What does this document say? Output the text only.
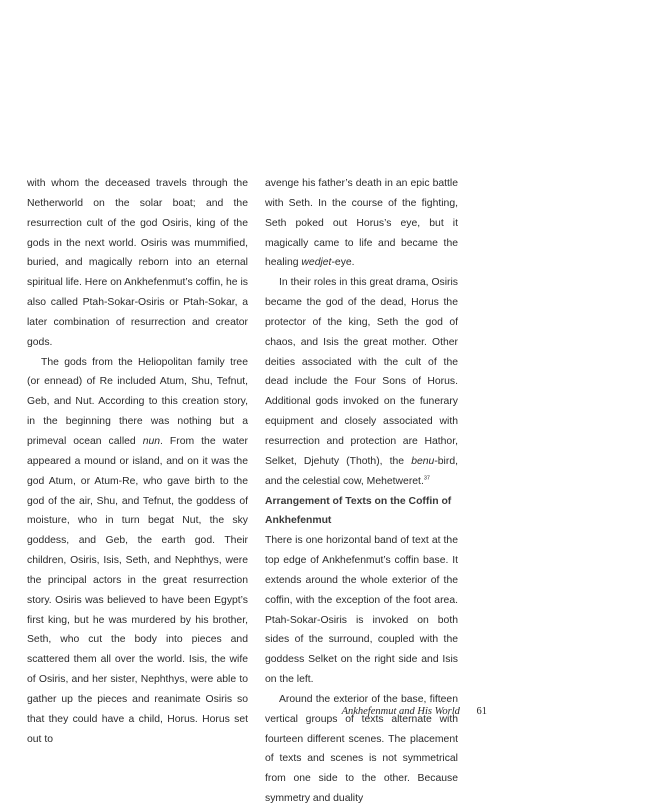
with whom the deceased travels through the Netherworld on the solar boat; and the resurrection cult of the god Osiris, king of the gods in the next world. Osiris was mummified, buried, and magically reborn into an eternal spiritual life. Here on Ankhefenmut’s coffin, he is also called Ptah-Sokar-Osiris or Ptah-Sokar, a later combination of resurrection and creator gods.

The gods from the Heliopolitan family tree (or ennead) of Re included Atum, Shu, Tefnut, Geb, and Nut. According to this creation story, in the beginning there was nothing but a primeval ocean called nun. From the water appeared a mound or island, and on it was the god Atum, or Atum-Re, who gave birth to the god of the air, Shu, and Tefnut, the goddess of moisture, who in turn begat Nut, the sky goddess, and Geb, the earth god. Their children, Osiris, Isis, Seth, and Nephthys, were the principal actors in the great resurrection story. Osiris was believed to have been Egypt’s first king, but he was murdered by his brother, Seth, who cut the body into pieces and scattered them all over the world. Isis, the wife of Osiris, and her sister, Nephthys, were able to gather up the pieces and reanimate Osiris so that they could have a child, Horus. Horus set out to

avenge his father’s death in an epic battle with Seth. In the course of the fighting, Seth poked out Horus’s eye, but it magically came to life and became the healing wedjet-eye.

In their roles in this great drama, Osiris became the god of the dead, Horus the protector of the king, Seth the god of chaos, and Isis the great mother. Other deities associated with the cult of the dead include the Four Sons of Horus. Additional gods invoked on the funerary equipment and closely associated with resurrection and protection are Hathor, Selket, Djehuty (Thoth), the benu-bird, and the celestial cow, Mehetweret.$^{37}$

Arrangement of Texts on the Coffin of Ankhefenmut

There is one horizontal band of text at the top edge of Ankhefenmut’s coffin base. It extends around the whole exterior of the coffin, with the exception of the foot area. Ptah-Sokar-Osiris is invoked on both sides of the surround, coupled with the goddess Selket on the right side and Isis on the left.

Around the exterior of the base, fifteen vertical groups of texts alternate with fourteen different scenes. The placement of texts and scenes is not symmetrical from one side to the other. Because symmetry and duality

Ankhefenmut and His World 61
